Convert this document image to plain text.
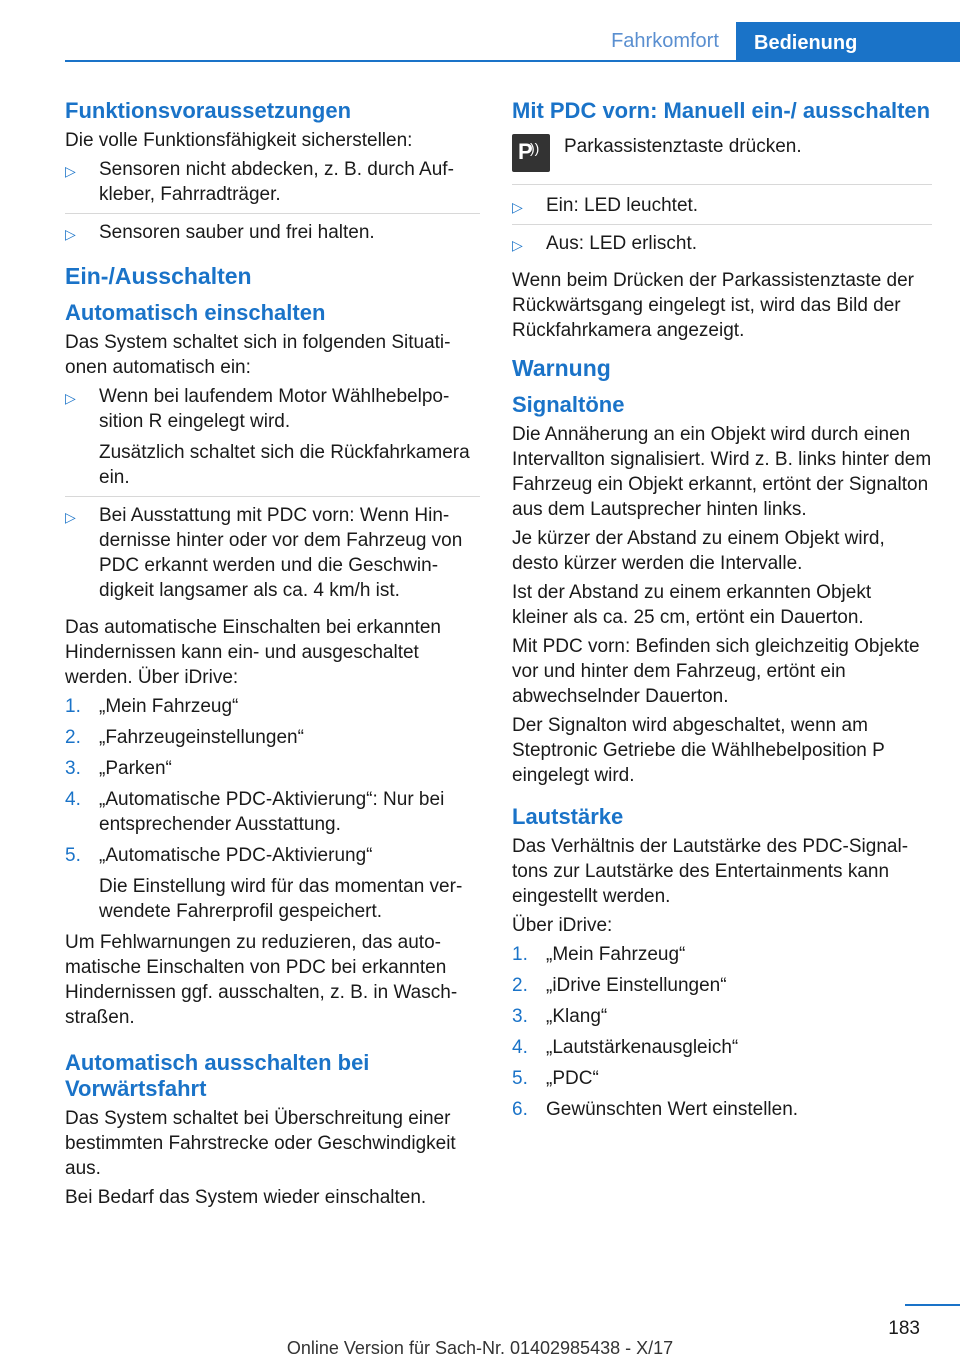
Fahrkomfort	Bedienung
Funktionsvoraussetzungen

Die volle Funktionsfähigkeit sicherstellen:

▷ Sensoren nicht abdecken, z. B. durch Aufkleber, Fahrradträger.
▷ Sensoren sauber und frei halten.
Ein-/Ausschalten
Automatisch einschalten

Das System schaltet sich in folgenden Situationen automatisch ein:

▷ Wenn bei laufendem Motor Wählhebelposition R eingelegt wird.
Zusätzlich schaltet sich die Rückfahrkamera ein.
▷ Bei Ausstattung mit PDC vorn: Wenn Hindernisse hinter oder vor dem Fahrzeug von PDC erkannt werden und die Geschwindigkeit langsamer als ca. 4 km/h ist.

Das automatische Einschalten bei erkannten Hindernissen kann ein- und ausgeschaltet werden. Über iDrive:

1. „Mein Fahrzeug“
2. „Fahrzeugeinstellungen“
3. „Parken“
4. „Automatische PDC-Aktivierung“: Nur bei entsprechender Ausstattung.
5. „Automatische PDC-Aktivierung“
Die Einstellung wird für das momentan verwendete Fahrerprofil gespeichert.

Um Fehlwarnungen zu reduzieren, das automatische Einschalten von PDC bei erkannten Hindernissen ggf. ausschalten, z. B. in Waschstraßen.

Automatisch ausschalten bei Vorwärtsfahrt

Das System schaltet bei Überschreitung einer bestimmten Fahrstrecke oder Geschwindigkeit aus.

Bei Bedarf das System wieder einschalten.

Mit PDC vorn: Manuell ein-/ ausschalten
P
)) Parkassistenztaste drücken.
▷ Ein: LED leuchtet.
▷ Aus: LED erlischt.

Wenn beim Drücken der Parkassistenztaste der Rückwärtsgang eingelegt ist, wird das Bild der Rückfahrkamera angezeigt.

Warnung
Signaltöne

Die Annäherung an ein Objekt wird durch einen Intervallton signalisiert. Wird z. B. links hinter dem Fahrzeug ein Objekt erkannt, ertönt der Signalton aus dem Lautsprecher hinten links.

Je kürzer der Abstand zu einem Objekt wird, desto kürzer werden die Intervalle.

Ist der Abstand zu einem erkannten Objekt kleiner als ca. 25 cm, ertönt ein Dauerton.

Mit PDC vorn: Befinden sich gleichzeitig Objekte vor und hinter dem Fahrzeug, ertönt ein abwechselnder Dauerton.

Der Signalton wird abgeschaltet, wenn am Steptronic Getriebe die Wählhebelposition P eingelegt wird.

Lautstärke

Das Verhältnis der Lautstärke des PDC-Signaltons zur Lautstärke des Entertainments kann eingestellt werden.

Über iDrive:

1. „Mein Fahrzeug“
2. „iDrive Einstellungen“
3. „Klang“
4. „Lautstärkenausgleich“
5. „PDC“
6. Gewünschten Wert einstellen.
183
Online Version für Sach-Nr. 01402985438 - X/17
